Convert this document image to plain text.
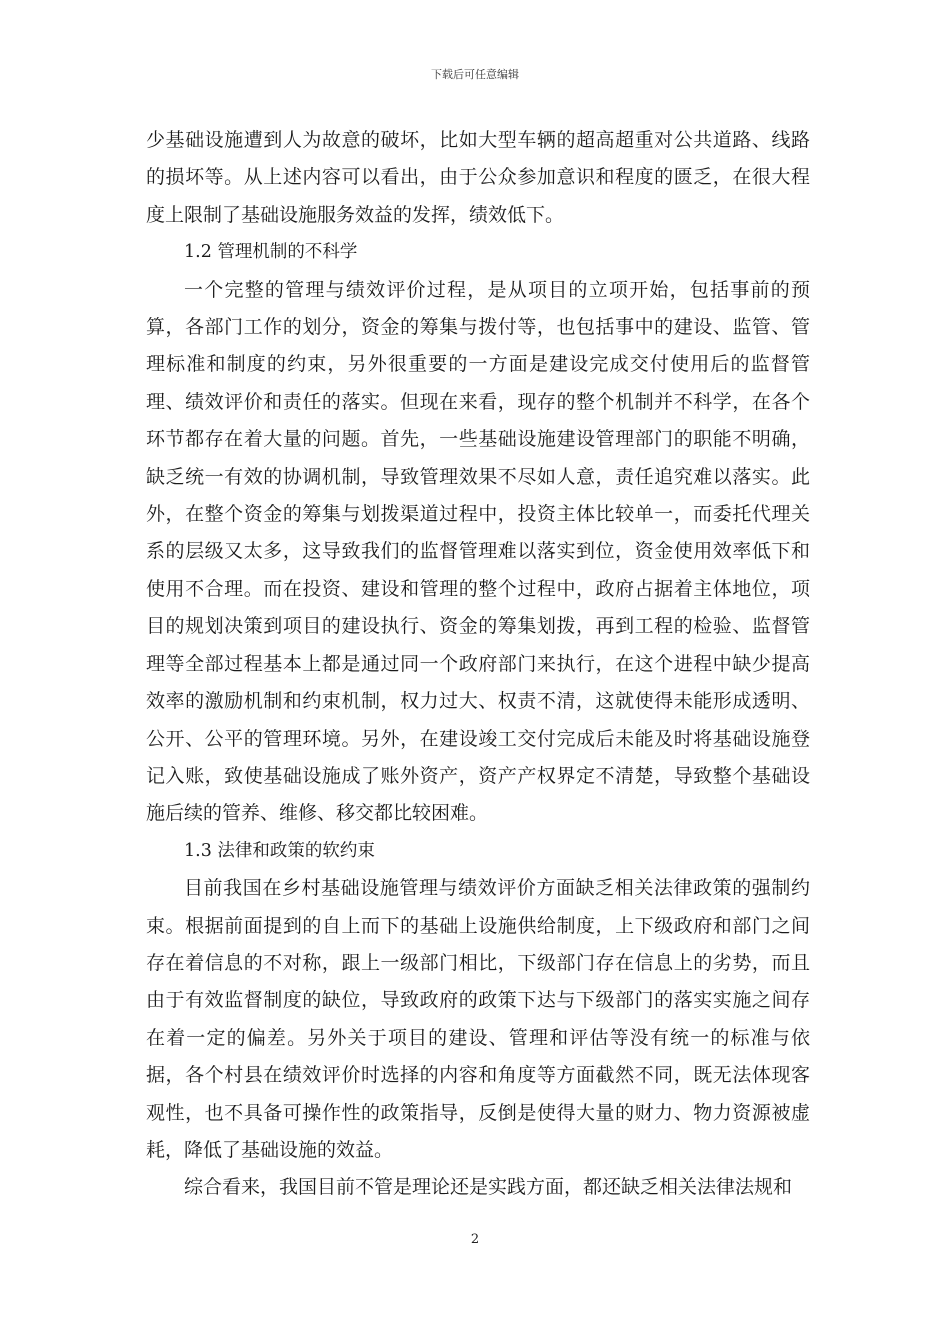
下载后可任意编辑

少基础设施遭到人为故意的破坏，比如大型车辆的超高超重对公共道路、线路的损坏等。从上述内容可以看出，由于公众参加意识和程度的匮乏，在很大程度上限制了基础设施服务效益的发挥，绩效低下。

1.2 管理机制的不科学

一个完整的管理与绩效评价过程，是从项目的立项开始，包括事前的预算，各部门工作的划分，资金的筹集与拨付等，也包括事中的建设、监管、管理标准和制度的约束，另外很重要的一方面是建设完成交付使用后的监督管理、绩效评价和责任的落实。但现在来看，现存的整个机制并不科学，在各个环节都存在着大量的问题。首先，一些基础设施建设管理部门的职能不明确，缺乏统一有效的协调机制，导致管理效果不尽如人意，责任追究难以落实。此外，在整个资金的筹集与划拨渠道过程中，投资主体比较单一，而委托代理关系的层级又太多，这导致我们的监督管理难以落实到位，资金使用效率低下和使用不合理。而在投资、建设和管理的整个过程中，政府占据着主体地位，项目的规划决策到项目的建设执行、资金的筹集划拨，再到工程的检验、监督管理等全部过程基本上都是通过同一个政府部门来执行，在这个进程中缺少提高效率的激励机制和约束机制，权力过大、权责不清，这就使得未能形成透明、公开、公平的管理环境。另外，在建设竣工交付完成后未能及时将基础设施登记入账，致使基础设施成了账外资产，资产产权界定不清楚，导致整个基础设施后续的管养、维修、移交都比较困难。

1.3 法律和政策的软约束

目前我国在乡村基础设施管理与绩效评价方面缺乏相关法律政策的强制约束。根据前面提到的自上而下的基础上设施供给制度，上下级政府和部门之间存在着信息的不对称，跟上一级部门相比，下级部门存在信息上的劣势，而且由于有效监督制度的缺位，导致政府的政策下达与下级部门的落实实施之间存在着一定的偏差。另外关于项目的建设、管理和评估等没有统一的标准与依据，各个村县在绩效评价时选择的内容和角度等方面截然不同，既无法体现客观性，也不具备可操作性的政策指导，反倒是使得大量的财力、物力资源被虚耗，降低了基础设施的效益。

综合看来，我国目前不管是理论还是实践方面，都还缺乏相关法律法规和

2
